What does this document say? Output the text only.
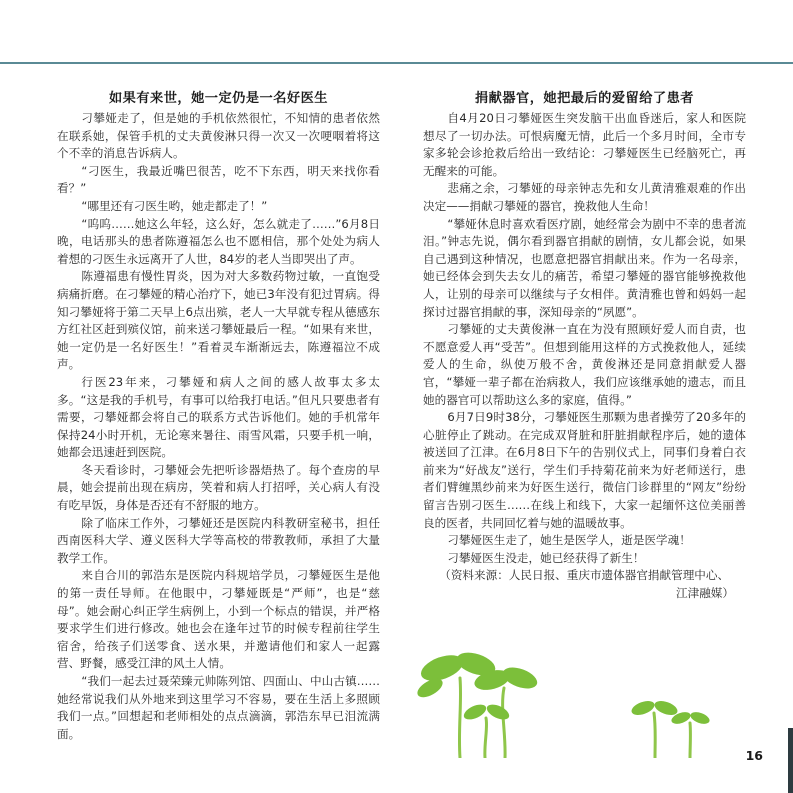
如果有来世，她一定仍是一名好医生

刁攀娅走了，但是她的手机依然很忙，不知情的患者依然在联系她，保管手机的丈夫黄俊淋只得一次又一次哽咽着将这个不幸的消息告诉病人。

“刁医生，我最近嘴巴很苦，吃不下东西，明天来找你看看？”

“哪里还有刁医生哟，她走都走了！”

“呜呜……她这么年轻，这么好，怎么就走了……”6月8日晚，电话那头的患者陈遵福怎么也不愿相信，那个处处为病人着想的刁医生永远离开了人世，84岁的老人当即哭出了声。

陈遵福患有慢性胃炎，因为对大多数药物过敏，一直饱受病痛折磨。在刁攀娅的精心治疗下，她已3年没有犯过胃病。得知刁攀娅将于第二天早上6点出殡，老人一大早就专程从德感东方红社区赶到殡仪馆，前来送刁攀娅最后一程。“如果有来世，她一定仍是一名好医生！”看着灵车渐渐远去，陈遵福泣不成声。

行医23年来，刁攀娅和病人之间的感人故事太多太多。“这是我的手机号，有事可以给我打电话。”但凡只要患者有需要，刁攀娅都会将自己的联系方式告诉他们。她的手机常年保持24小时开机，无论寒来暑往、雨雪风霜，只要手机一响，她都会迅速赶到医院。

冬天看诊时，刁攀娅会先把听诊器焐热了。每个查房的早晨，她会提前出现在病房，笑着和病人打招呼，关心病人有没有吃早饭，身体是否还有不舒服的地方。

除了临床工作外，刁攀娅还是医院内科教研室秘书，担任西南医科大学、遵义医科大学等高校的带教教师，承担了大量教学工作。

来自合川的郭浩东是医院内科规培学员，刁攀娅医生是他的第一责任导师。在他眼中，刁攀娅既是“严师”，也是“慈母”。她会耐心纠正学生病例上，小到一个标点的错误，并严格要求学生们进行修改。她也会在逢年过节的时候专程前往学生宿舍，给孩子们送零食、送水果，并邀请他们和家人一起露营、野餐，感受江津的风土人情。

“我们一起去过聂荣臻元帅陈列馆、四面山、中山古镇……她经常说我们从外地来到这里学习不容易，要在生活上多照顾我们一点。”回想起和老师相处的点点滴滴，郭浩东早已泪流满面。

捐献器官，她把最后的爱留给了患者

自4月20日刁攀娅医生突发脑干出血昏迷后，家人和医院想尽了一切办法。可恨病魔无情，此后一个多月时间，全市专家多轮会诊抢救后给出一致结论：刁攀娅医生已经脑死亡，再无醒来的可能。

悲痛之余，刁攀娅的母亲钟志先和女儿黄清雅艰难的作出决定——捐献刁攀娅的器官，挽救他人生命！

“攀娅休息时喜欢看医疗剧，她经常会为剧中不幸的患者流泪。”钟志先说，偶尔看到器官捐献的剧情，女儿都会说，如果自己遇到这种情况，也愿意把器官捐献出来。作为一名母亲，她已经体会到失去女儿的痛苦，希望刁攀娅的器官能够挽救他人，让别的母亲可以继续与子女相伴。黄清雅也曾和妈妈一起探讨过器官捐献的事，深知母亲的“夙愿”。

刁攀娅的丈夫黄俊淋一直在为没有照顾好爱人而自责，也不愿意爱人再“受苦”。但想到能用这样的方式挽救他人，延续爱人的生命，纵使万般不舍，黄俊淋还是同意捐献爱人器官，“攀娅一辈子都在治病救人，我们应该继承她的遗志，而且她的器官可以帮助这么多的家庭，值得。”

6月7日9时38分，刁攀娅医生那颗为患者操劳了20多年的心脏停止了跳动。在完成双肾脏和肝脏捐献程序后，她的遗体被送回了江津。在6月8日下午的告别仪式上，同事们身着白衣前来为“好战友”送行，学生们手持菊花前来为好老师送行，患者们臂缠黑纱前来为好医生送行，微信门诊群里的“网友”纷纷留言告别刁医生……在线上和线下，大家一起缅怀这位美丽善良的医者，共同回忆着与她的温暖故事。

刁攀娅医生走了，她生是医学人，逝是医学魂！

刁攀娅医生没走，她已经获得了新生！

（资料来源：人民日报、重庆市遗体器官捐献管理中心、

江津融媒）

16
